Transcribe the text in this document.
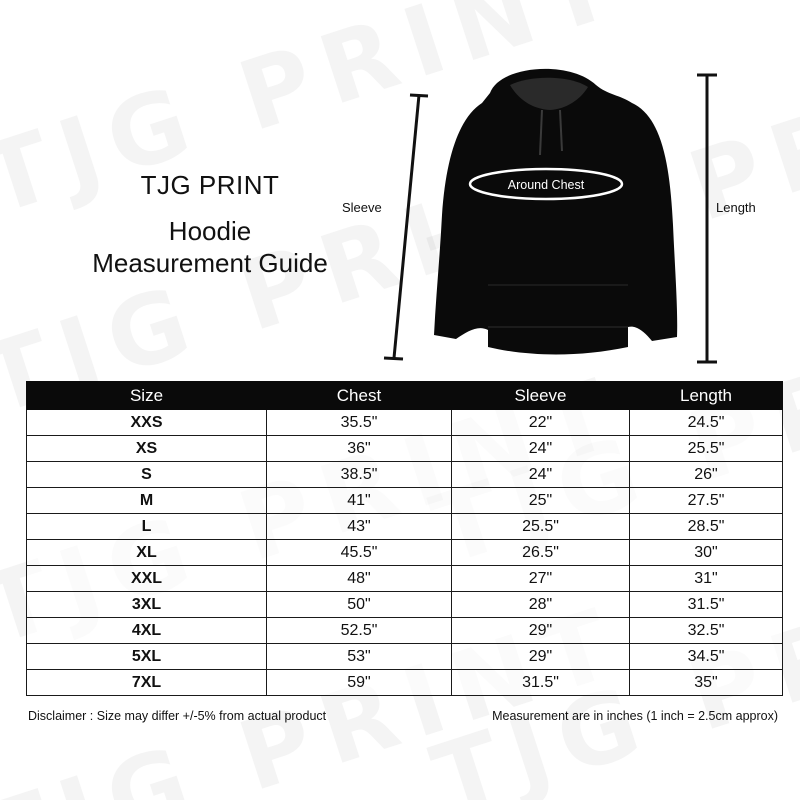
TJG PRINT
Hoodie
Measurement Guide
Sleeve	Length
Around Chest
Size	Chest	Sleeve	Length
XXS	35.5"	22"	24.5"
XS	36"	24"	25.5"
S	38.5"	24"	26"
M	41"	25"	27.5"
L	43"	25.5"	28.5"
XL	45.5"	26.5"	30"
XXL	48"	27"	31"
3XL	50"	28"	31.5"
4XL	52.5"	29"	32.5"
5XL	53"	29"	34.5"
7XL	59"	31.5"	35"
Disclaimer : Size may differ +/-5% from actual product	Measurement are in inches (1 inch = 2.5cm approx)
